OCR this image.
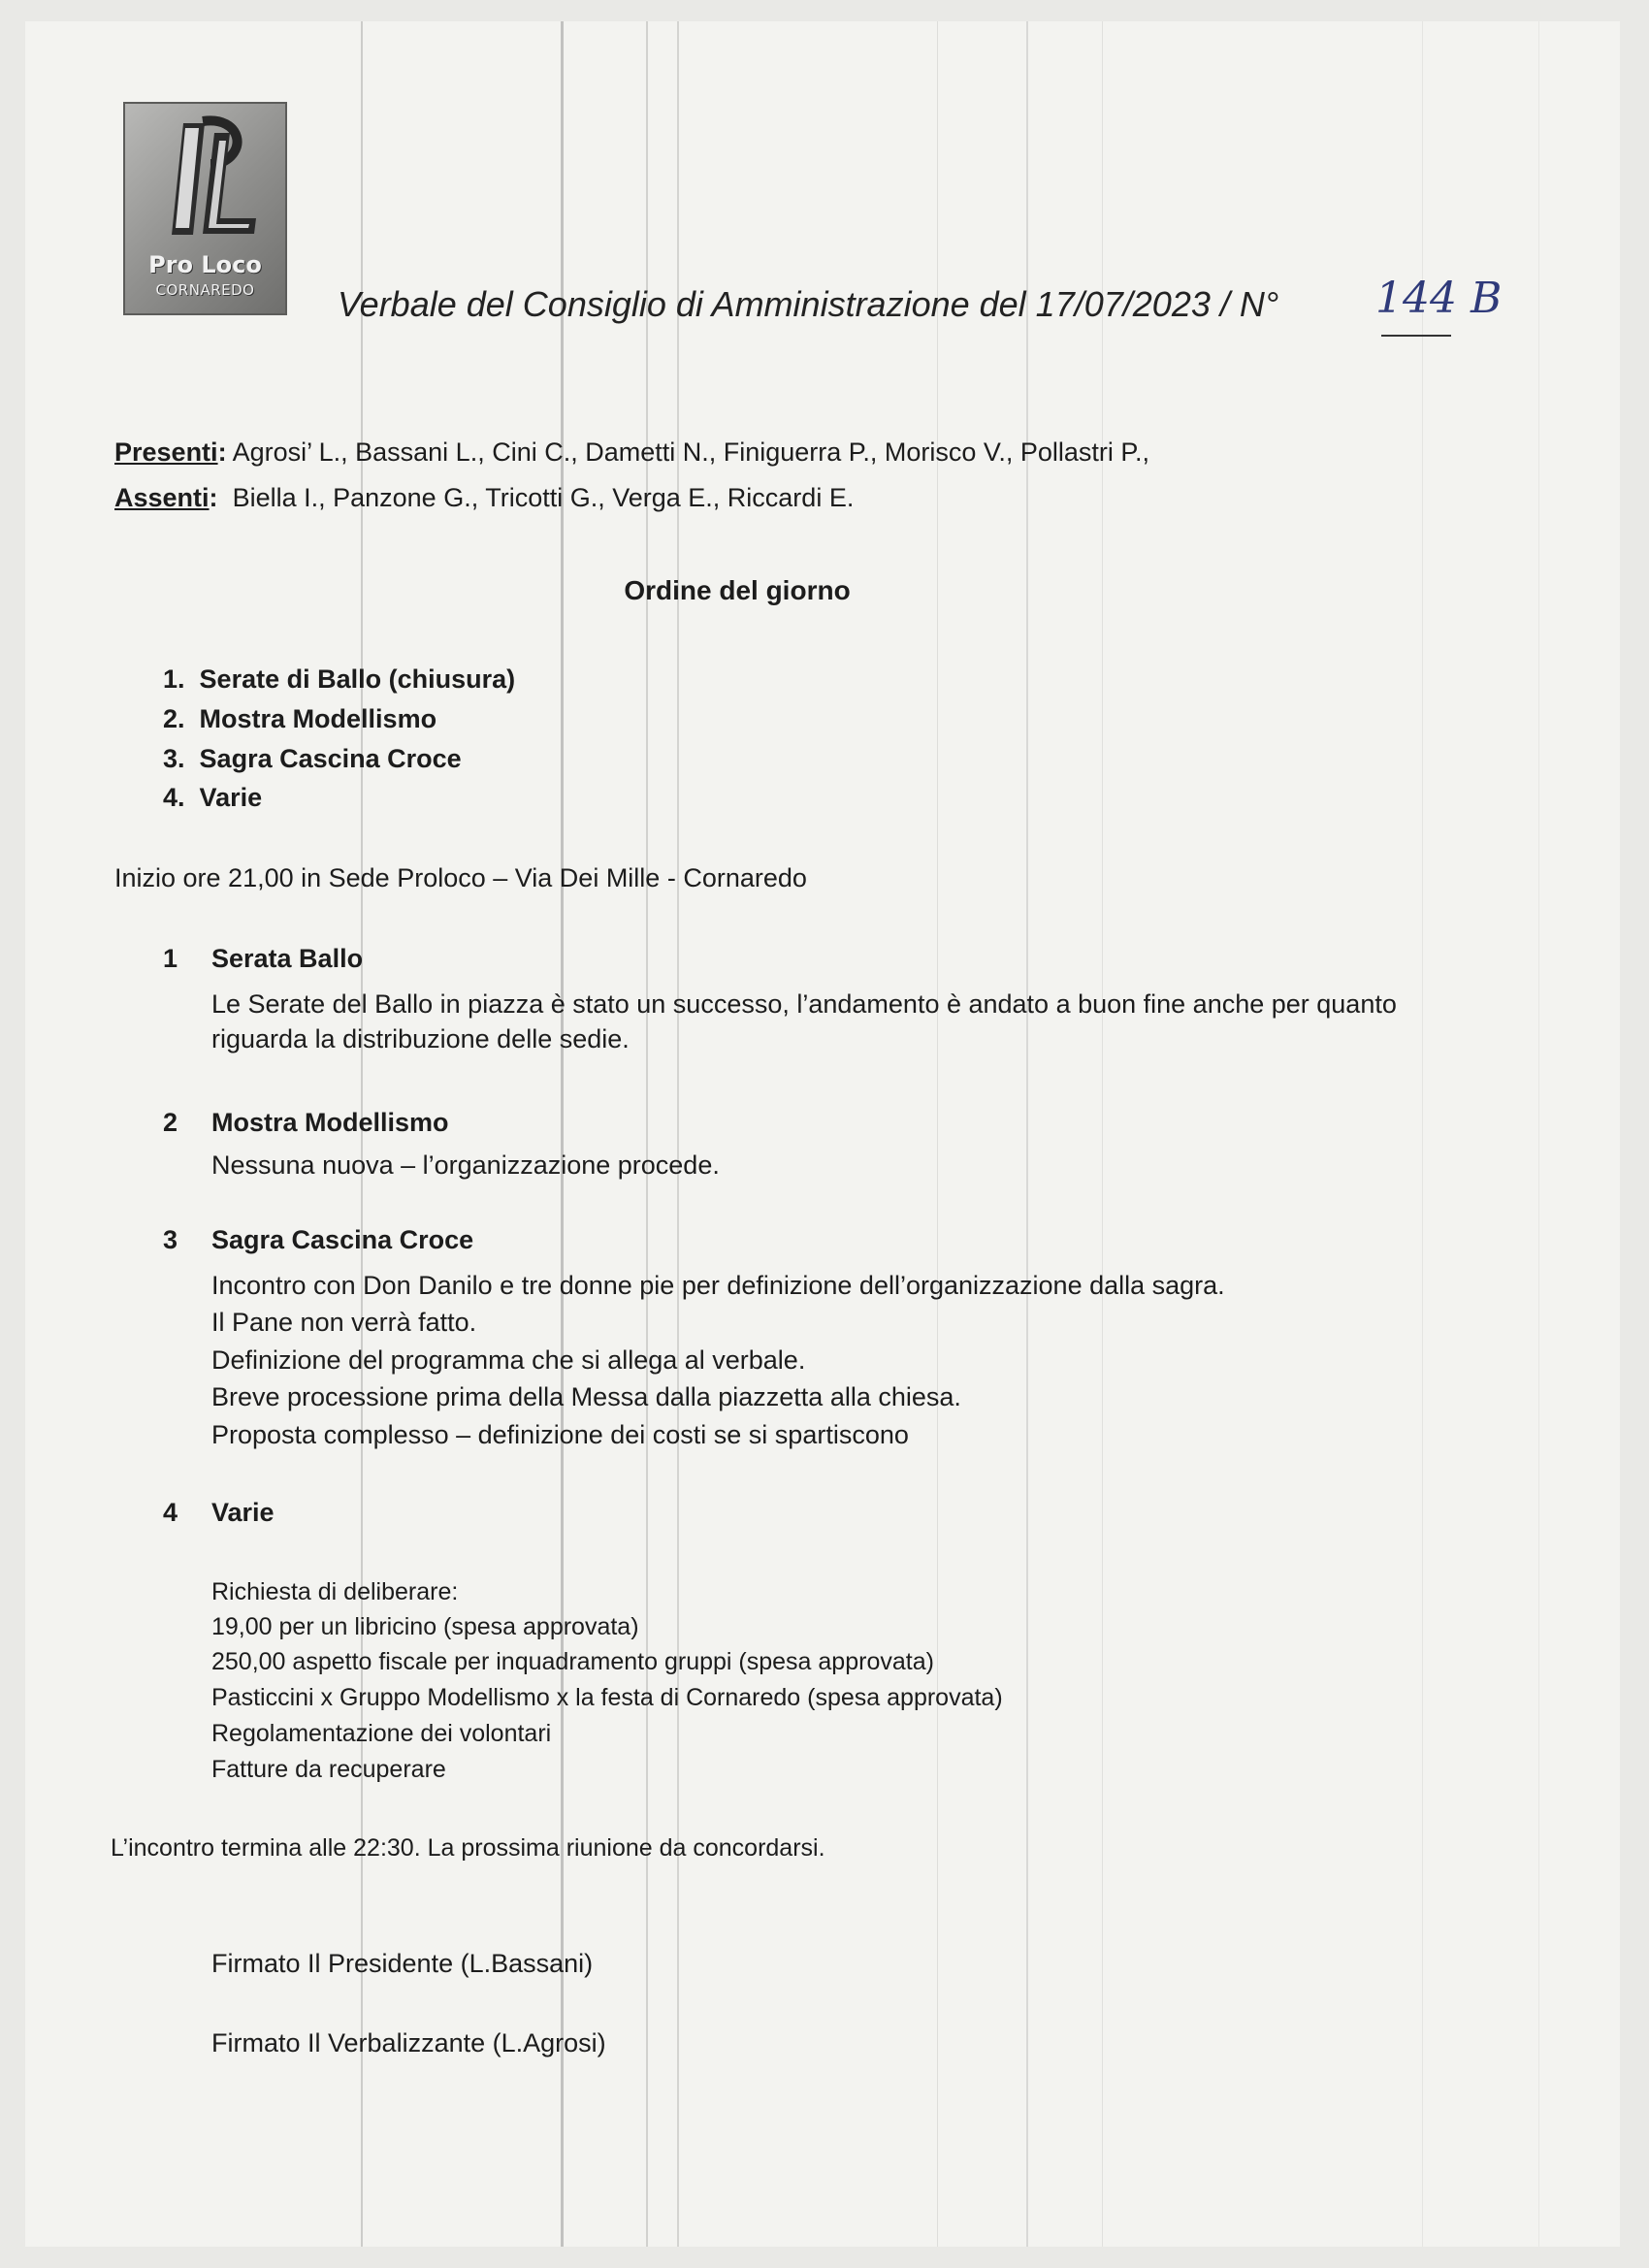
Pro Loco
CORNAREDO	Verbale del Consiglio di Amministrazione del 17/07/2023 / N° 144 B
Presenti: Agrosi’ L., Bassani L., Cini C., Dametti N., Finiguerra P., Morisco V., Pollastri P.,
Assenti: Biella I., Panzone G., Tricotti G., Verga E., Riccardi E.
Ordine del giorno
1. Serate di Ballo (chiusura)
2. Mostra Modellismo
3. Sagra Cascina Croce
4. Varie
Inizio ore 21,00 in Sede Proloco – Via Dei Mille - Cornaredo
1 Serata Ballo
Le Serate del Ballo in piazza è stato un successo, l’andamento è andato a buon fine anche per quanto
riguarda la distribuzione delle sedie.
2 Mostra Modellismo
Nessuna nuova – l’organizzazione procede.
3 Sagra Cascina Croce
Incontro con Don Danilo e tre donne pie per definizione dell’organizzazione dalla sagra.
Il Pane non verrà fatto.
Definizione del programma che si allega al verbale.
Breve processione prima della Messa dalla piazzetta alla chiesa.
Proposta complesso – definizione dei costi se si spartiscono
4 Varie
Richiesta di deliberare:
19,00 per un libricino (spesa approvata)
250,00 aspetto fiscale per inquadramento gruppi (spesa approvata)
Pasticcini x Gruppo Modellismo x la festa di Cornaredo (spesa approvata)
Regolamentazione dei volontari
Fatture da recuperare
L’incontro termina alle 22:30. La prossima riunione da concordarsi.
Firmato Il Presidente (L.Bassani)
Firmato Il Verbalizzante (L.Agrosi)
